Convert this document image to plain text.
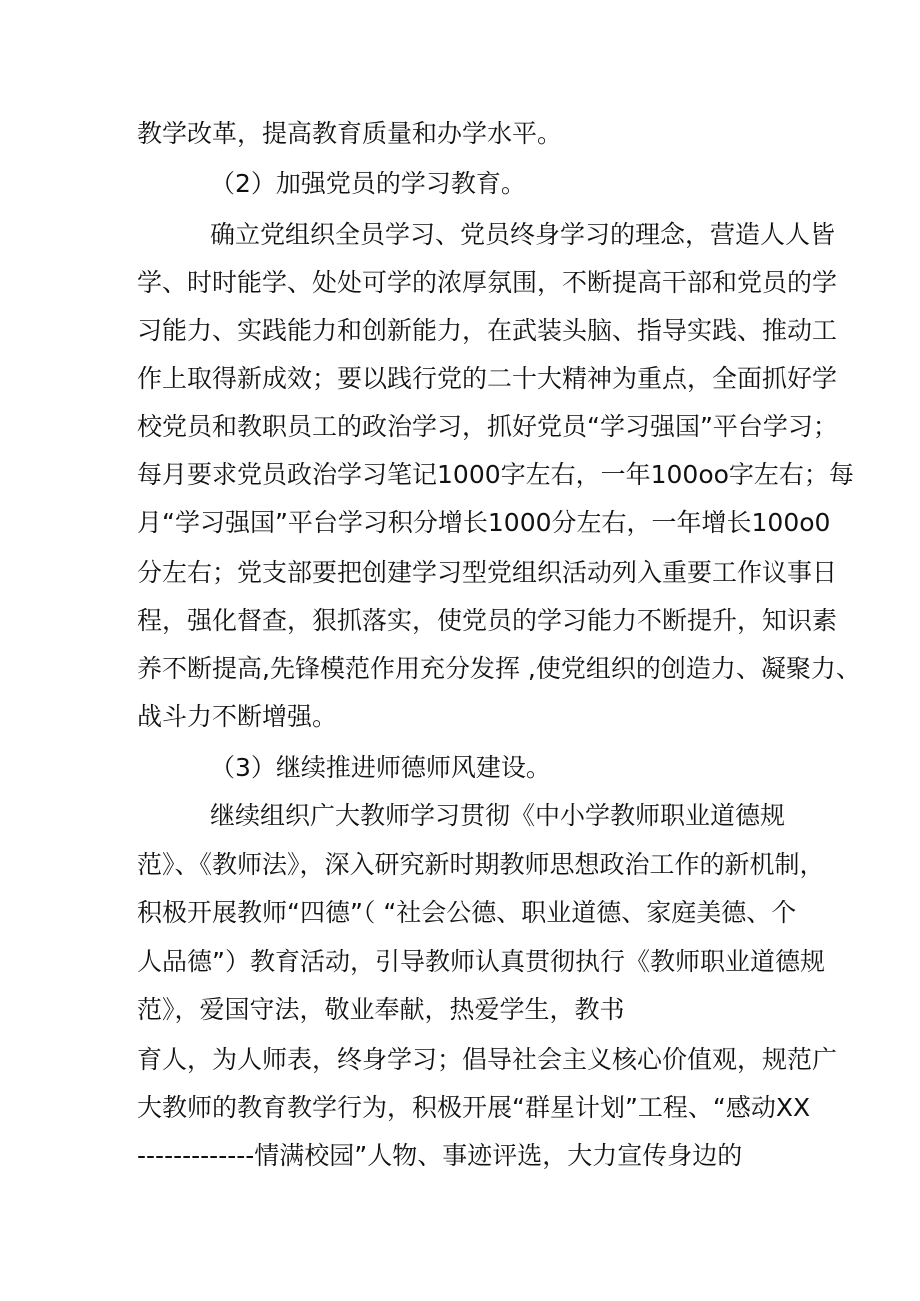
教学改革，提高教育质量和办学水平。
（2）加强党员的学习教育。
确立党组织全员学习、党员终身学习的理念，营造人人皆
学、时时能学、处处可学的浓厚氛围，不断提高干部和党员的学
习能力、实践能力和创新能力，在武装头脑、指导实践、推动工
作上取得新成效；要以践行党的二十大精神为重点，全面抓好学
校党员和教职员工的政治学习，抓好党员“学习强国”平台学习；
每月要求党员政治学习笔记1000字左右，一年100oo字左右；每
月“学习强国”平台学习积分增长1000分左右，一年增长100o0
分左右；党支部要把创建学习型党组织活动列入重要工作议事日
程，强化督查，狠抓落实，使党员的学习能力不断提升，知识素
养不断提高,先锋模范作用充分发挥 ,使党组织的创造力、凝聚力、
战斗力不断增强。
（3）继续推进师德师风建设。
继续组织广大教师学习贯彻《中小学教师职业道德规
范》、《教师法》，深入研究新时期教师思想政治工作的新机制，
积极开展教师“四德”（ “社会公德、职业道德、家庭美德、个
人品德”）教育活动，引导教师认真贯彻执行《教师职业道德规
范》，爱国守法，敬业奉献，热爱学生，教书
育人，为人师表，终身学习；倡导社会主义核心价值观，规范广
大教师的教育教学行为，积极开展“群星计划”工程、“感动XX
-------------情满校园”人物、事迹评选，大力宣传身边的
